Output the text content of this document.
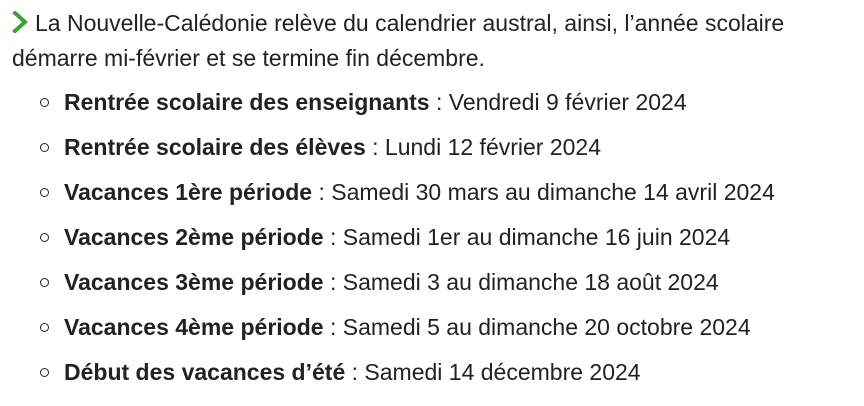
La Nouvelle-Calédonie relève du calendrier austral, ainsi, l’année scolaire démarre mi-février et se termine fin décembre.
Rentrée scolaire des enseignants : Vendredi 9 février 2024
Rentrée scolaire des élèves : Lundi 12 février 2024
Vacances 1ère période : Samedi 30 mars au dimanche 14 avril 2024
Vacances 2ème période : Samedi 1er au dimanche 16 juin 2024
Vacances 3ème période : Samedi 3 au dimanche 18 août 2024
Vacances 4ème période : Samedi 5 au dimanche 20 octobre 2024
Début des vacances d’été : Samedi 14 décembre 2024
